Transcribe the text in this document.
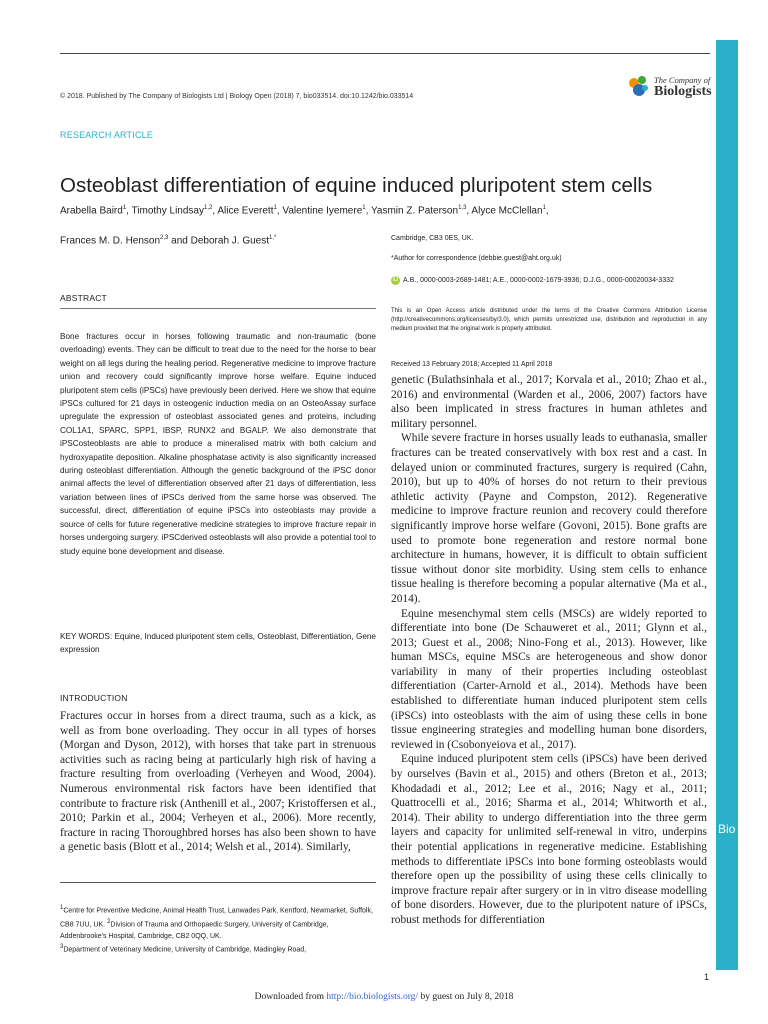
Bio
© 2018. Published by The Company of Biologists Ltd | Biology Open (2018) 7, bio033514. doi:10.1242/bio.033514
The Company of
Biologists
RESEARCH ARTICLE
Osteoblast differentiation of equine induced pluripotent stem cells
Arabella Baird$^1$, Timothy Lindsay$^{1,2}$, Alice Everett$^1$, Valentine Iyemere$^1$, Yasmin Z. Paterson$^{1,3}$, Alyce McClellan$^1$,
Frances M. D. Henson$^{2,3}$ and Deborah J. Guest$^{1,*}$
ABSTRACT
Bone fractures occur in horses following traumatic and non-traumatic (bone overloading) events. They can be difficult to treat due to the need for the horse to bear weight on all legs during the healing period. Regenerative medicine to improve fracture union and recovery could significantly improve horse welfare. Equine induced pluripotent stem cells (iPSCs) have previously been derived. Here we show that equine iPSCs cultured for 21 days in osteogenic induction media on an OsteoAssay surface upregulate the expression of osteoblast associated genes and proteins, including COL1A1, SPARC, SPP1, IBSP, RUNX2 and BGALP. We also demonstrate that iPSCosteoblasts are able to produce a mineralised matrix with both calcium and hydroxyapatite deposition. Alkaline phosphatase activity is also significantly increased during osteoblast differentiation. Although the genetic background of the iPSC donor animal affects the level of differentiation observed after 21 days of differentiation, less variation between lines of iPSCs derived from the same horse was observed. The successful, direct, differentiation of equine iPSCs into osteoblasts may provide a source of cells for future regenerative medicine strategies to improve fracture repair in horses undergoing surgery. iPSCderived osteoblasts will also provide a potential tool to study equine bone development and disease.
KEY WORDS: Equine, Induced pluripotent stem cells, Osteoblast, Differentiation, Gene expression
INTRODUCTION
Fractures occur in horses from a direct trauma, such as a kick, as well as from bone overloading. They occur in all types of horses (Morgan and Dyson, 2012), with horses that take part in strenuous activities such as racing being at particularly high risk of having a fracture resulting from overloading (Verheyen and Wood, 2004). Numerous environmental risk factors have been identified that contribute to fracture risk (Anthenill et al., 2007; Kristoffersen et al., 2010; Parkin et al., 2004; Verheyen et al., 2006). More recently, fracture in racing Thoroughbred horses has also been shown to have a genetic basis (Blott et al., 2014; Welsh et al., 2014). Similarly,

$^1$Centre for Preventive Medicine, Animal Health Trust, Lanwades Park, Kentford, Newmarket, Suffolk, CB8 7UU, UK. $^2$Division of Trauma and Orthopaedic Surgery, University of Cambridge, Addenbrooke's Hospital, Cambridge, CB2 0QQ, UK.

$^3$Department of Veterinary Medicine, University of Cambridge, Madingley Road,

Cambridge, CB3 0ES, UK.
*Author for correspondence (debbie.guest@aht.org.uk)
iD A.B., 0000-0003-2689-1481; A.E., 0000-0002-1679-3936; D.J.G., 0000-00020034-3332
This is an Open Access article distributed under the terms of the Creative Commons Attribution License (http://creativecommons.org/licenses/by/3.0), which permits unrestricted use, distribution and reproduction in any medium provided that the original work is properly attributed.
Received 13 February 2018; Accepted 11 April 2018

genetic (Bulathsinhala et al., 2017; Korvala et al., 2010; Zhao et al., 2016) and environmental (Warden et al., 2006, 2007) factors have also been implicated in stress fractures in human athletes and military personnel.

While severe fracture in horses usually leads to euthanasia, smaller fractures can be treated conservatively with box rest and a cast. In delayed union or comminuted fractures, surgery is required (Cahn, 2010), but up to 40% of horses do not return to their previous athletic activity (Payne and Compston, 2012). Regenerative medicine to improve fracture reunion and recovery could therefore significantly improve horse welfare (Govoni, 2015). Bone grafts are used to promote bone regeneration and restore normal bone architecture in humans, however, it is difficult to obtain sufficient tissue without donor site morbidity. Using stem cells to enhance tissue healing is therefore becoming a popular alternative (Ma et al., 2014).

Equine mesenchymal stem cells (MSCs) are widely reported to differentiate into bone (De Schauweret et al., 2011; Glynn et al., 2013; Guest et al., 2008; Nino-Fong et al., 2013). However, like human MSCs, equine MSCs are heterogeneous and show donor variability in many of their properties including osteoblast differentiation (Carter-Arnold et al., 2014). Methods have been established to differentiate human induced pluripotent stem cells (iPSCs) into osteoblasts with the aim of using these cells in bone tissue engineering strategies and modelling human bone disorders, reviewed in (Csobonyeiova et al., 2017).

Equine induced pluripotent stem cells (iPSCs) have been derived by ourselves (Bavin et al., 2015) and others (Breton et al., 2013; Khodadadi et al., 2012; Lee et al., 2016; Nagy et al., 2011; Quattrocelli et al., 2016; Sharma et al., 2014; Whitworth et al., 2014). Their ability to undergo differentiation into the three germ layers and capacity for unlimited self-renewal in vitro, underpins their potential applications in regenerative medicine. Establishing methods to differentiate iPSCs into bone forming osteoblasts would therefore open up the possibility of using these cells clinically to improve fracture repair after surgery or in in vitro disease modelling of bone disorders. However, due to the pluripotent nature of iPSCs, robust methods for differentiation

1
Downloaded from http://bio.biologists.org/ by guest on July 8, 2018
